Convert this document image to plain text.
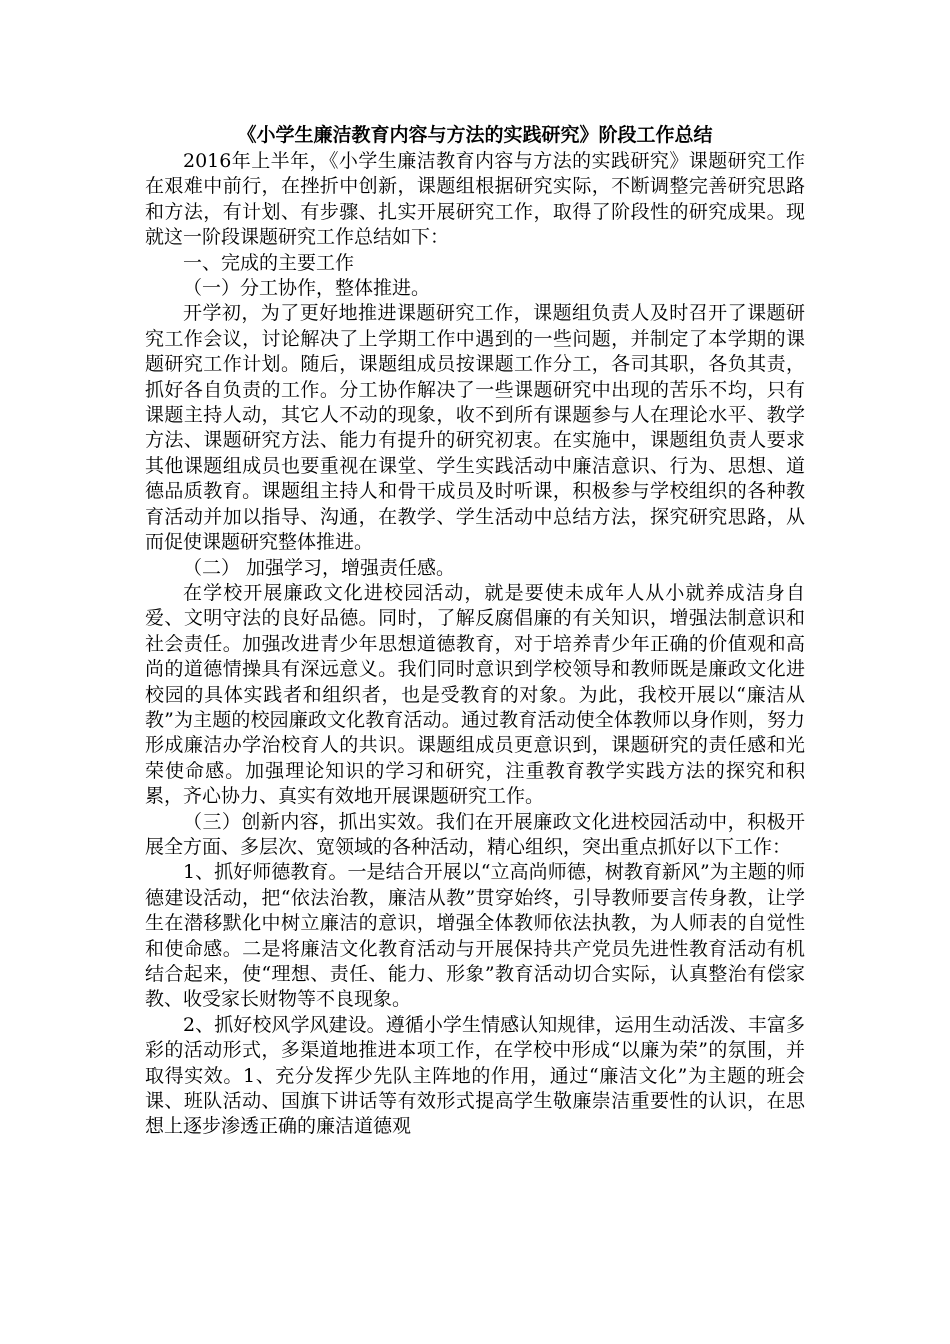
《小学生廉洁教育内容与方法的实践研究》阶段工作总结

2016年上半年，《小学生廉洁教育内容与方法的实践研究》课题研究工作在艰难中前行，在挫折中创新，课题组根据研究实际，不断调整完善研究思路和方法，有计划、有步骤、扎实开展研究工作，取得了阶段性的研究成果。现就这一阶段课题研究工作总结如下：

一、完成的主要工作

（一）分工协作，整体推进。

开学初，为了更好地推进课题研究工作，课题组负责人及时召开了课题研究工作会议，讨论解决了上学期工作中遇到的一些问题，并制定了本学期的课题研究工作计划。随后，课题组成员按课题工作分工，各司其职，各负其责，抓好各自负责的工作。分工协作解决了一些课题研究中出现的苦乐不均，只有课题主持人动，其它人不动的现象，收不到所有课题参与人在理论水平、教学方法、课题研究方法、能力有提升的研究初衷。在实施中，课题组负责人要求其他课题组成员也要重视在课堂、学生实践活动中廉洁意识、行为、思想、道德品质教育。课题组主持人和骨干成员及时听课，积极参与学校组织的各种教育活动并加以指导、沟通，在教学、学生活动中总结方法，探究研究思路，从而促使课题研究整体推进。

（二） 加强学习，增强责任感。

在学校开展廉政文化进校园活动，就是要使未成年人从小就养成洁身自爱、文明守法的良好品德。同时，了解反腐倡廉的有关知识，增强法制意识和社会责任。加强改进青少年思想道德教育，对于培养青少年正确的价值观和高尚的道德情操具有深远意义。我们同时意识到学校领导和教师既是廉政文化进校园的具体实践者和组织者，也是受教育的对象。为此，我校开展以“廉洁从教”为主题的校园廉政文化教育活动。通过教育活动使全体教师以身作则，努力形成廉洁办学治校育人的共识。课题组成员更意识到，课题研究的责任感和光荣使命感。加强理论知识的学习和研究，注重教育教学实践方法的探究和积累，齐心协力、真实有效地开展课题研究工作。

（三）创新内容，抓出实效。我们在开展廉政文化进校园活动中，积极开展全方面、多层次、宽领域的各种活动，精心组织，突出重点抓好以下工作：

1、抓好师德教育。一是结合开展以“立高尚师德，树教育新风”为主题的师德建设活动，把“依法治教，廉洁从教”贯穿始终，引导教师要言传身教，让学生在潜移默化中树立廉洁的意识，增强全体教师依法执教，为人师表的自觉性和使命感。二是将廉洁文化教育活动与开展保持共产党员先进性教育活动有机结合起来，使“理想、责任、能力、形象”教育活动切合实际，认真整治有偿家教、收受家长财物等不良现象。

2、抓好校风学风建设。遵循小学生情感认知规律，运用生动活泼、丰富多彩的活动形式，多渠道地推进本项工作，在学校中形成“以廉为荣”的氛围，并取得实效。1、充分发挥少先队主阵地的作用，通过“廉洁文化”为主题的班会课、班队活动、国旗下讲话等有效形式提高学生敬廉崇洁重要性的认识，在思想上逐步渗透正确的廉洁道德观
